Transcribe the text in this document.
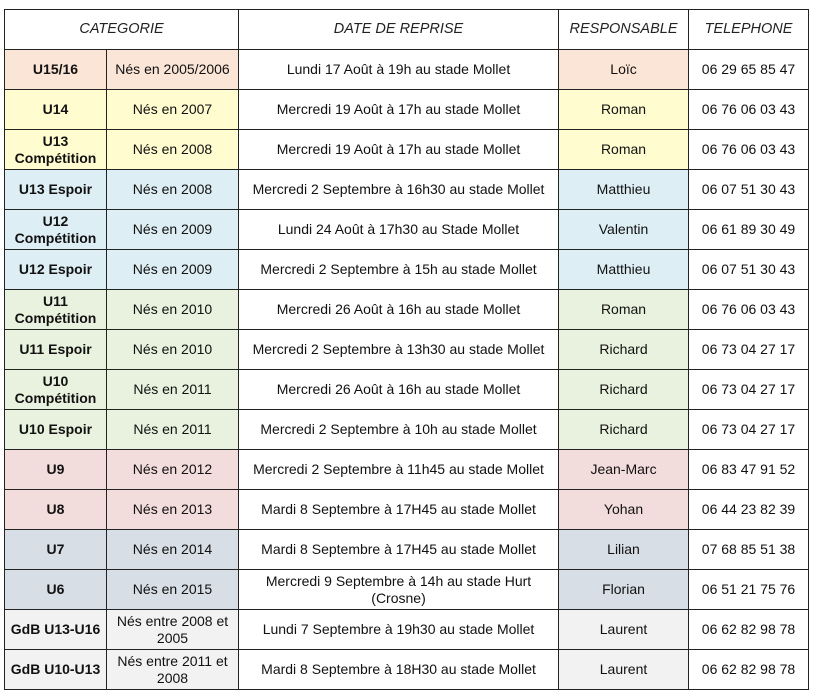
CATEGORIE		DATE DE REPRISE	RESPONSABLE	TELEPHONE
U15/16	Nés en 2005/2006	Lundi 17 Août à 19h au stade Mollet	Loïc	06 29 65 85 47
U14	Nés en 2007	Mercredi 19 Août à 17h au stade Mollet	Roman	06 76 06 03 43
U13 Compétition	Nés en 2008	Mercredi 19 Août à 17h au stade Mollet	Roman	06 76 06 03 43
U13 Espoir	Nés en 2008	Mercredi 2 Septembre à 16h30 au stade Mollet	Matthieu	06 07 51 30 43
U12 Compétition	Nés en 2009	Lundi 24 Août à 17h30 au Stade Mollet	Valentin	06 61 89 30 49
U12 Espoir	Nés en 2009	Mercredi 2 Septembre à 15h au stade Mollet	Matthieu	06 07 51 30 43
U11 Compétition	Nés en 2010	Mercredi 26 Août à 16h au stade Mollet	Roman	06 76 06 03 43
U11 Espoir	Nés en 2010	Mercredi 2 Septembre à 13h30 au stade Mollet	Richard	06 73 04 27 17
U10 Compétition	Nés en 2011	Mercredi 26 Août à 16h au stade Mollet	Richard	06 73 04 27 17
U10 Espoir	Nés en 2011	Mercredi 2 Septembre à 10h au stade Mollet	Richard	06 73 04 27 17
U9	Nés en 2012	Mercredi 2 Septembre à 11h45 au stade Mollet	Jean-Marc	06 83 47 91 52
U8	Nés en 2013	Mardi 8 Septembre à 17H45 au stade Mollet	Yohan	06 44 23 82 39
U7	Nés en 2014	Mardi 8 Septembre à 17H45 au stade Mollet	Lilian	07 68 85 51 38
U6	Nés en 2015	Mercredi 9 Septembre à 14h au stade Hurt (Crosne)	Florian	06 51 21 75 76
GdB U13-U16	Nés entre 2008 et 2005	Lundi 7 Septembre à 19h30 au stade Mollet	Laurent	06 62 82 98 78
GdB U10-U13	Nés entre 2011 et 2008	Mardi 8 Septembre à 18H30 au stade Mollet	Laurent	06 62 82 98 78
